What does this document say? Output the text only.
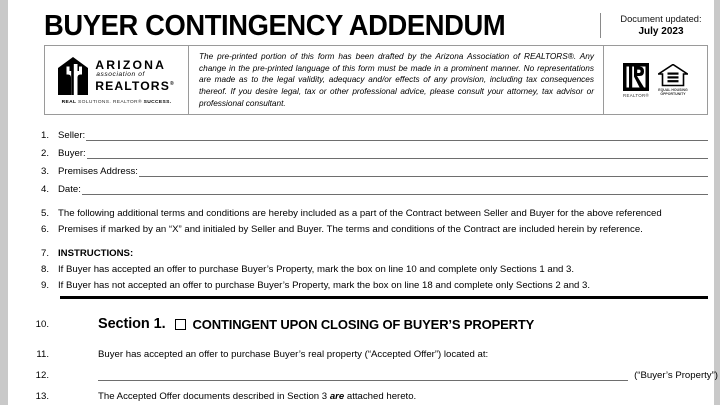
BUYER CONTINGENCY ADDENDUM	Document updated:
July 2023
ARIZONA
association of
REALTORS®
REAL SOLUTIONS. REALTOR® SUCCESS.
The pre-printed portion of this form has been drafted by the Arizona Association of REALTORS®. Any change in the pre-printed language of this form must be made in a prominent manner. No representations are made as to the legal validity, adequacy and/or effects of any provision, including tax consequences thereof. If you desire legal, tax or other professional advice, please consult your attorney, tax advisor or professional consultant.
REALTOR®
EQUAL HOUSING
OPPORTUNITY
1. Seller:
2. Buyer:
3. Premises Address:
4. Date:
5. The following additional terms and conditions are hereby included as a part of the Contract between Seller and Buyer for the above referenced
6. Premises if marked by an “X” and initialed by Seller and Buyer. The terms and conditions of the Contract are included herein by reference.
7. INSTRUCTIONS:
8. If Buyer has accepted an offer to purchase Buyer’s Property, mark the box on line 10 and complete only Sections 1 and 3.
9. If Buyer has not accepted an offer to purchase Buyer’s Property, mark the box on line 18 and complete only Sections 2 and 3.
10.	Section 1. CONTINGENT UPON CLOSING OF BUYER’S PROPERTY
11.	Buyer has accepted an offer to purchase Buyer’s real property (“Accepted Offer”) located at:
12.	(“Buyer’s Property”)
13.	The Accepted Offer documents described in Section 3 are attached hereto.
